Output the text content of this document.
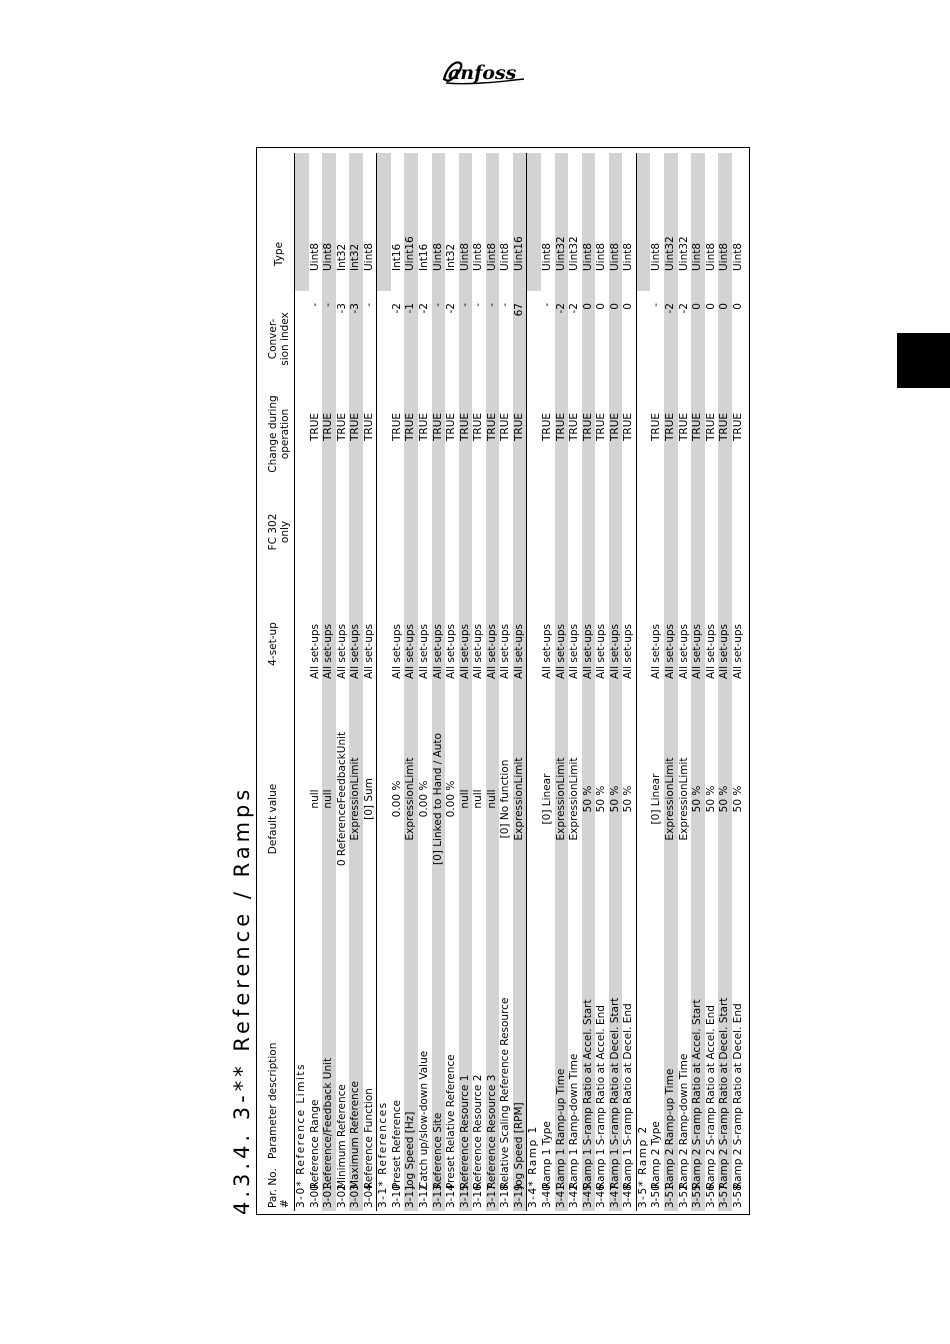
anfoss
4.3.4. 3-** Reference / Ramps Par. No.
#
Parameter description
Default value
4-set-up
FC 302
only
Change during
operation
Conver-
sion index
Type
3-0* Reference Limits 3-00
Reference Range
null
All set-ups
TRUE
-
Uint8
3-01
Reference/Feedback Unit
null
All set-ups
TRUE
-
Uint8
3-02
Minimum Reference
0 ReferenceFeedbackUnit
All set-ups
TRUE
-3
Int32
3-03
Maximum Reference
ExpressionLimit
All set-ups
TRUE
-3
Int32
3-04
Reference Function
[0] Sum
All set-ups
TRUE
-
Uint8
3-1* References 3-10
Preset Reference
0.00 %
All set-ups
TRUE
-2
Int16
3-11
Jog Speed [Hz]
ExpressionLimit
All set-ups
TRUE
-1
Uint16
3-12
Catch up/slow-down Value
0.00 %
All set-ups
TRUE
-2
Int16
3-13
Reference Site
[0] Linked to Hand / Auto
All set-ups
TRUE
-
Uint8
3-14
Preset Relative Reference
0.00 %
All set-ups
TRUE
-2
Int32
3-15
Reference Resource 1
null
All set-ups
TRUE
-
Uint8
3-16
Reference Resource 2
null
All set-ups
TRUE
-
Uint8
3-17
Reference Resource 3
null
All set-ups
TRUE
-
Uint8
3-18
Relative Scaling Reference Resource
[0] No function
All set-ups
TRUE
-
Uint8
3-19
Jog Speed [RPM]
ExpressionLimit
All set-ups
TRUE
67
Uint16
3-4* Ramp 1 3-40
Ramp 1 Type
[0] Linear
All set-ups
TRUE
-
Uint8
3-41
Ramp 1 Ramp-up Time
ExpressionLimit
All set-ups
TRUE
-2
Uint32
3-42
Ramp 1 Ramp-down Time
ExpressionLimit
All set-ups
TRUE
-2
Uint32
3-45
Ramp 1 S-ramp Ratio at Accel. Start
50 %
All set-ups
TRUE
0
Uint8
3-46
Ramp 1 S-ramp Ratio at Accel. End
50 %
All set-ups
TRUE
0
Uint8
3-47
Ramp 1 S-ramp Ratio at Decel. Start
50 %
All set-ups
TRUE
0
Uint8
3-48
Ramp 1 S-ramp Ratio at Decel. End
50 %
All set-ups
TRUE
0
Uint8
3-5* Ramp 2 3-50
Ramp 2 Type
[0] Linear
All set-ups
TRUE
-
Uint8
3-51
Ramp 2 Ramp-up Time
ExpressionLimit
All set-ups
TRUE
-2
Uint32
3-52
Ramp 2 Ramp-down Time
ExpressionLimit
All set-ups
TRUE
-2
Uint32
3-55
Ramp 2 S-ramp Ratio at Accel. Start
50 %
All set-ups
TRUE
0
Uint8
3-56
Ramp 2 S-ramp Ratio at Accel. End
50 %
All set-ups
TRUE
0
Uint8
3-57
Ramp 2 S-ramp Ratio at Decel. Start
50 %
All set-ups
TRUE
0
Uint8
3-58
Ramp 2 S-ramp Ratio at Decel. End
50 %
All set-ups
TRUE
0
Uint8
